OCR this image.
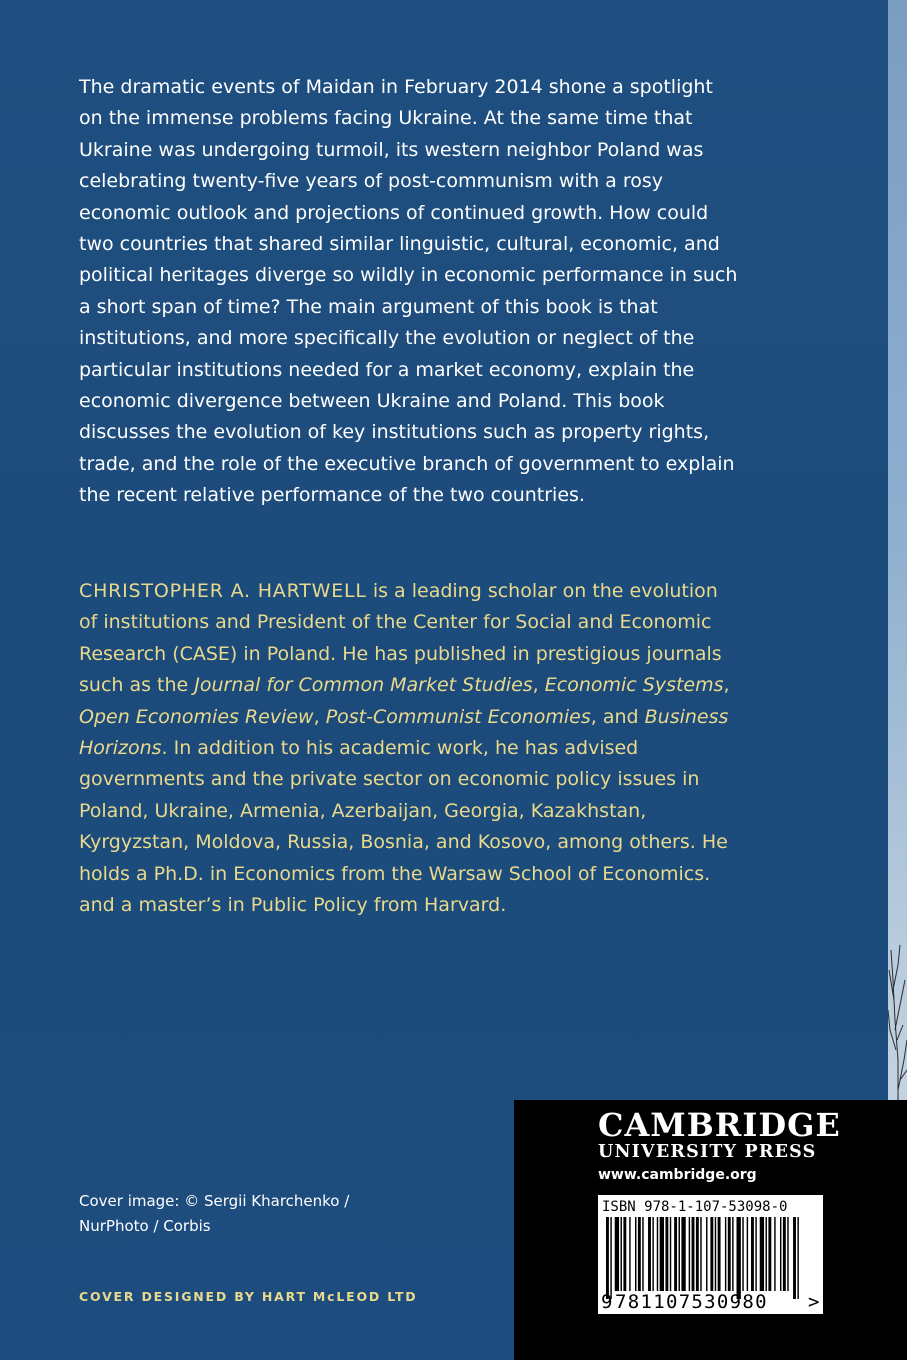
The dramatic events of Maidan in February 2014 shone a spotlight on the immense problems facing Ukraine. At the same time that Ukraine was undergoing turmoil, its western neighbor Poland was celebrating twenty-five years of post-communism with a rosy economic outlook and projections of continued growth. How could two countries that shared similar linguistic, cultural, economic, and political heritages diverge so wildly in economic performance in such a short span of time? The main argument of this book is that institutions, and more specifically the evolution or neglect of the particular institutions needed for a market economy, explain the economic divergence between Ukraine and Poland. This book discusses the evolution of key institutions such as property rights, trade, and the role of the executive branch of government to explain the recent relative performance of the two countries.

CHRISTOPHER A. HARTWELL is a leading scholar on the evolution of institutions and President of the Center for Social and Economic Research (CASE) in Poland. He has published in prestigious journals such as the Journal for Common Market Studies, Economic Systems, Open Economies Review, Post-Communist Economies, and Business Horizons. In addition to his academic work, he has advised governments and the private sector on economic policy issues in Poland, Ukraine, Armenia, Azerbaijan, Georgia, Kazakhstan, Kyrgyzstan, Moldova, Russia, Bosnia, and Kosovo, among others. He holds a Ph.D. in Economics from the Warsaw School of Economics. and a master’s in Public Policy from Harvard.

Cover image: © Sergii Kharchenko /
NurPhoto / Corbis

COVER DESIGNED BY HART McLEOD LTD

CAMBRIDGE

UNIVERSITY PRESS

www.cambridge.org

ISBN 978-1-107-53098-0

9 781107530980 >
